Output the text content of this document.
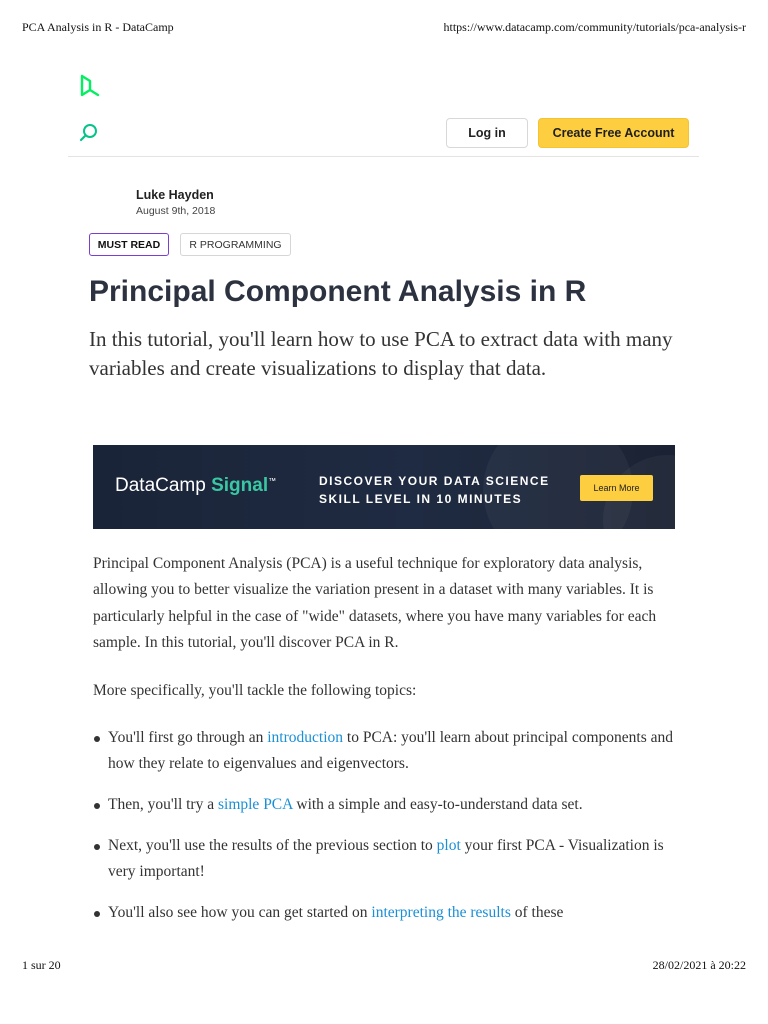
PCA Analysis in R - DataCamp	https://www.datacamp.com/community/tutorials/pca-analysis-r
Log in	Create Free Account
Luke Hayden
August 9th, 2018
MUST READ	R PROGRAMMING
Principal Component Analysis in R

In this tutorial, you'll learn how to use PCA to extract data with many variables and create visualizations to display that data.

DataCamp Signal™	DISCOVER YOUR DATA SCIENCE
SKILL LEVEL IN 10 MINUTES
Learn More

Principal Component Analysis (PCA) is a useful technique for exploratory data analysis, allowing you to better visualize the variation present in a dataset with many variables. It is particularly helpful in the case of "wide" datasets, where you have many variables for each sample. In this tutorial, you'll discover PCA in R.

More specifically, you'll tackle the following topics:

You'll first go through an introduction to PCA: you'll learn about principal components and how they relate to eigenvalues and eigenvectors.
Then, you'll try a simple PCA with a simple and easy-to-understand data set.
Next, you'll use the results of the previous section to plot your first PCA - Visualization is very important!
You'll also see how you can get started on interpreting the results of these
1 sur 20	28/02/2021 à 20:22
